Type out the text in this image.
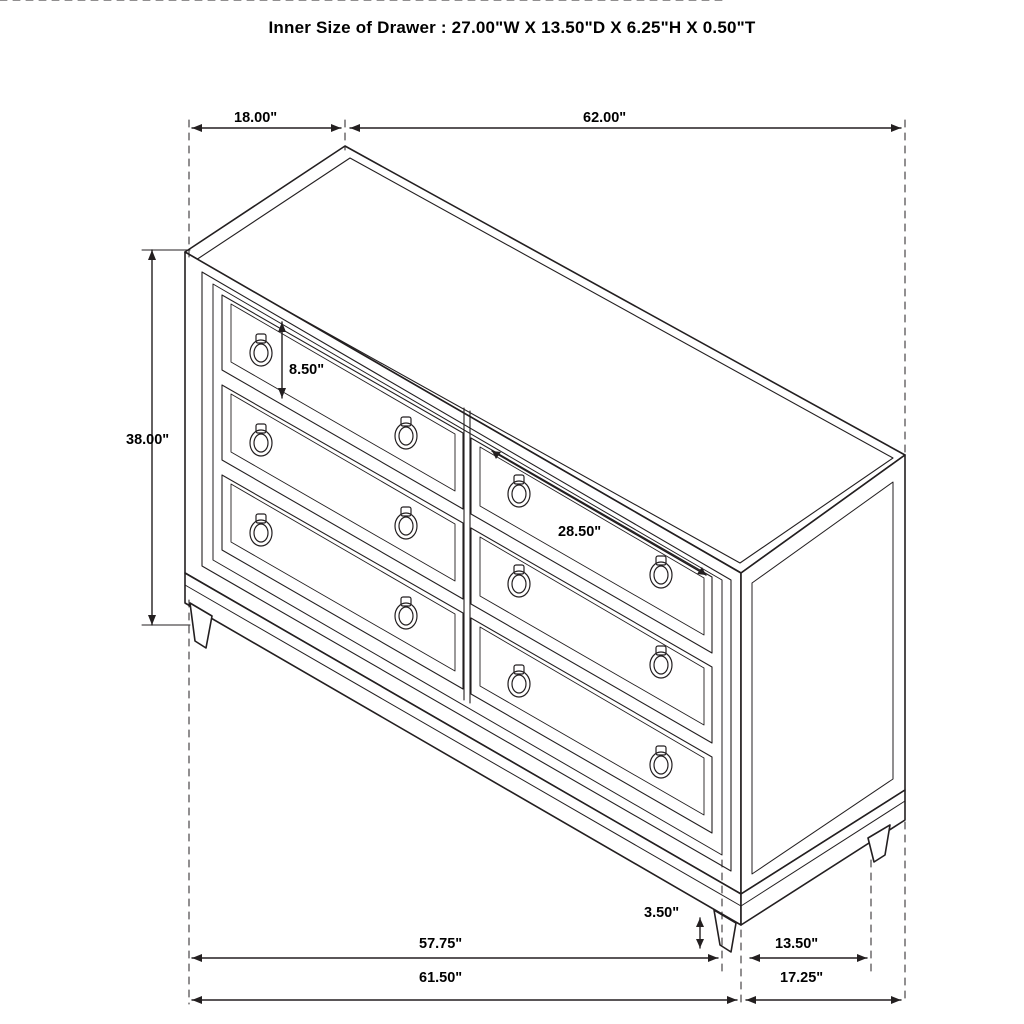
Inner Size of Drawer : 27.00"W X 13.50"D X 6.25"H X 0.50"T
18.00"	62.00"
38.00"
8.50"
28.50"
3.50"
57.75"
61.50"
13.50"
17.25"
